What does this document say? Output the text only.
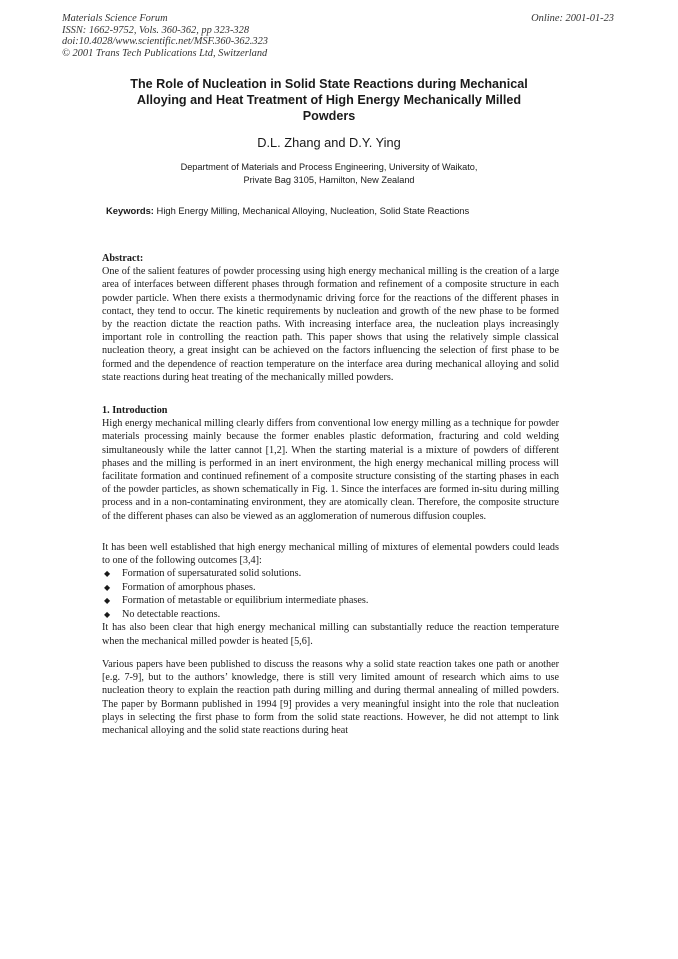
Materials Science Forum
ISSN: 1662-9752, Vols. 360-362, pp 323-328
doi:10.4028/www.scientific.net/MSF.360-362.323
© 2001 Trans Tech Publications Ltd, Switzerland
Online: 2001-01-23
The Role of Nucleation in Solid State Reactions during Mechanical Alloying and Heat Treatment of High Energy Mechanically Milled Powders
D.L. Zhang and D.Y. Ying
Department of Materials and Process Engineering, University of Waikato,
Private Bag 3105, Hamilton, New Zealand
Keywords: High Energy Milling, Mechanical Alloying, Nucleation, Solid State Reactions
Abstract:

One of the salient features of powder processing using high energy mechanical milling is the creation of a large area of interfaces between different phases through formation and refinement of a composite structure in each powder particle. When there exists a thermodynamic driving force for the reactions of the different phases in contact, they tend to occur. The kinetic requirements by nucleation and growth of the new phase to be formed by the reaction dictate the reaction paths. With increasing interface area, the nucleation plays increasingly important role in controlling the reaction path. This paper shows that using the relatively simple classical nucleation theory, a great insight can be achieved on the factors influencing the selection of first phase to be formed and the dependence of reaction temperature on the interface area during mechanical alloying and solid state reactions during heat treating of the mechanically milled powders.

1. Introduction

High energy mechanical milling clearly differs from conventional low energy milling as a technique for powder materials processing mainly because the former enables plastic deformation, fracturing and cold welding simultaneously while the latter cannot [1,2]. When the starting material is a mixture of powders of different phases and the milling is performed in an inert environment, the high energy mechanical milling process will facilitate formation and continued refinement of a composite structure consisting of the starting phases in each of the powder particles, as shown schematically in Fig. 1. Since the interfaces are formed in-situ during milling process and in a non-contaminating environment, they are atomically clean. Therefore, the composite structure of the different phases can also be viewed as an agglomeration of numerous diffusion couples.

It has been well established that high energy mechanical milling of mixtures of elemental powders could leads to one of the following outcomes [3,4]:

◆ Formation of supersaturated solid solutions.
◆ Formation of amorphous phases.
◆ Formation of metastable or equilibrium intermediate phases.
◆ No detectable reactions.

It has also been clear that high energy mechanical milling can substantially reduce the reaction temperature when the mechanical milled powder is heated [5,6].

Various papers have been published to discuss the reasons why a solid state reaction takes one path or another [e.g. 7-9], but to the authors’ knowledge, there is still very limited amount of research which aims to use nucleation theory to explain the reaction path during milling and during thermal annealing of milled powders. The paper by Bormann published in 1994 [9] provides a very meaningful insight into the role that nucleation plays in selecting the first phase to form from the solid state reactions. However, he did not attempt to link mechanical alloying and the solid state reactions during heat
